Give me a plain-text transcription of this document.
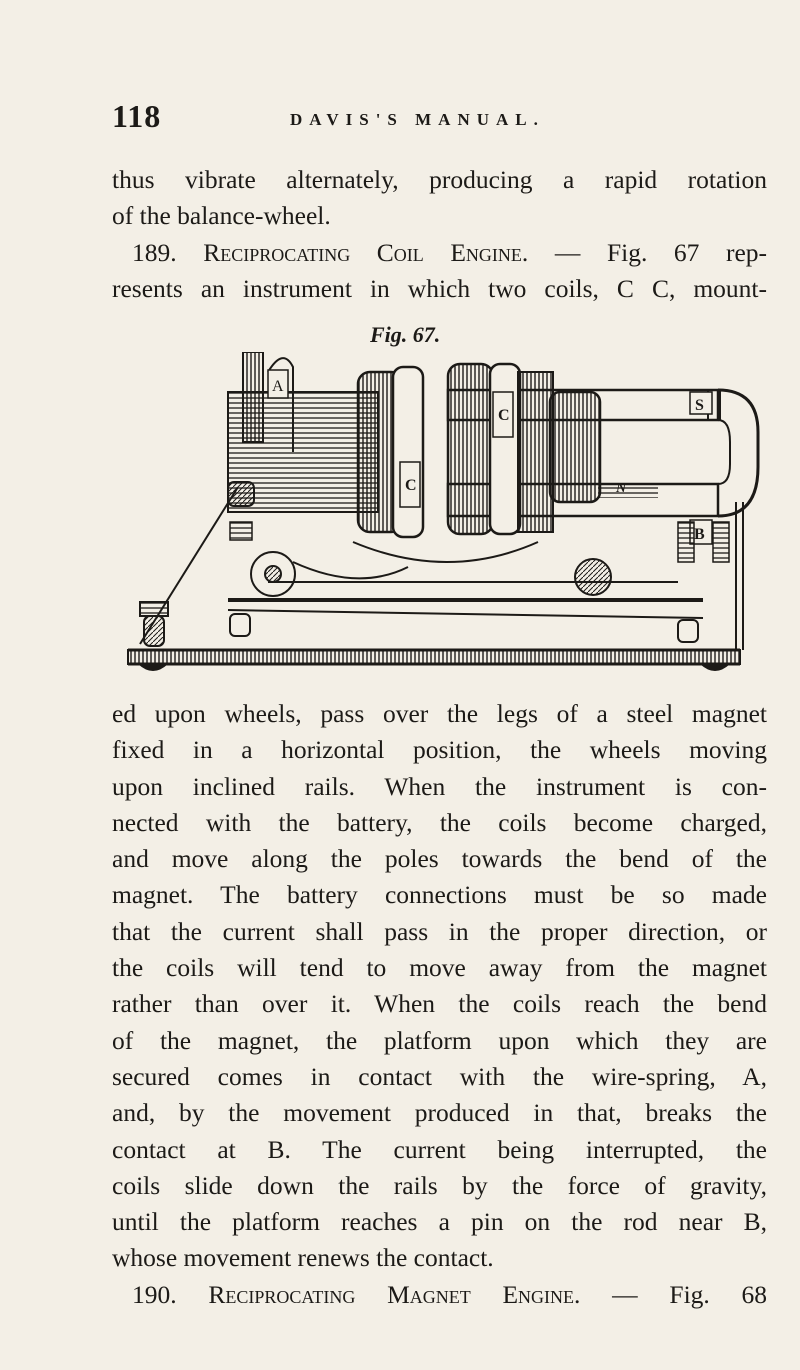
118	DAVIS'S MANUAL.
thus vibrate alternately, producing a rapid rotation
of the balance-wheel.
189. Reciprocating Coil Engine. — Fig. 67 rep-
resents an instrument in which two coils, C C, mount-
Fig. 67.
C
C
A
S
N
B
ed upon wheels, pass over the legs of a steel magnet
fixed in a horizontal position, the wheels moving
upon inclined rails. When the instrument is con-
nected with the battery, the coils become charged,
and move along the poles towards the bend of the
magnet. The battery connections must be so made
that the current shall pass in the proper direction, or
the coils will tend to move away from the magnet
rather than over it. When the coils reach the bend
of the magnet, the platform upon which they are
secured comes in contact with the wire-spring, A,
and, by the movement produced in that, breaks the
contact at B. The current being interrupted, the
coils slide down the rails by the force of gravity,
until the platform reaches a pin on the rod near B,
whose movement renews the contact.
190. Reciprocating Magnet Engine. — Fig. 68
